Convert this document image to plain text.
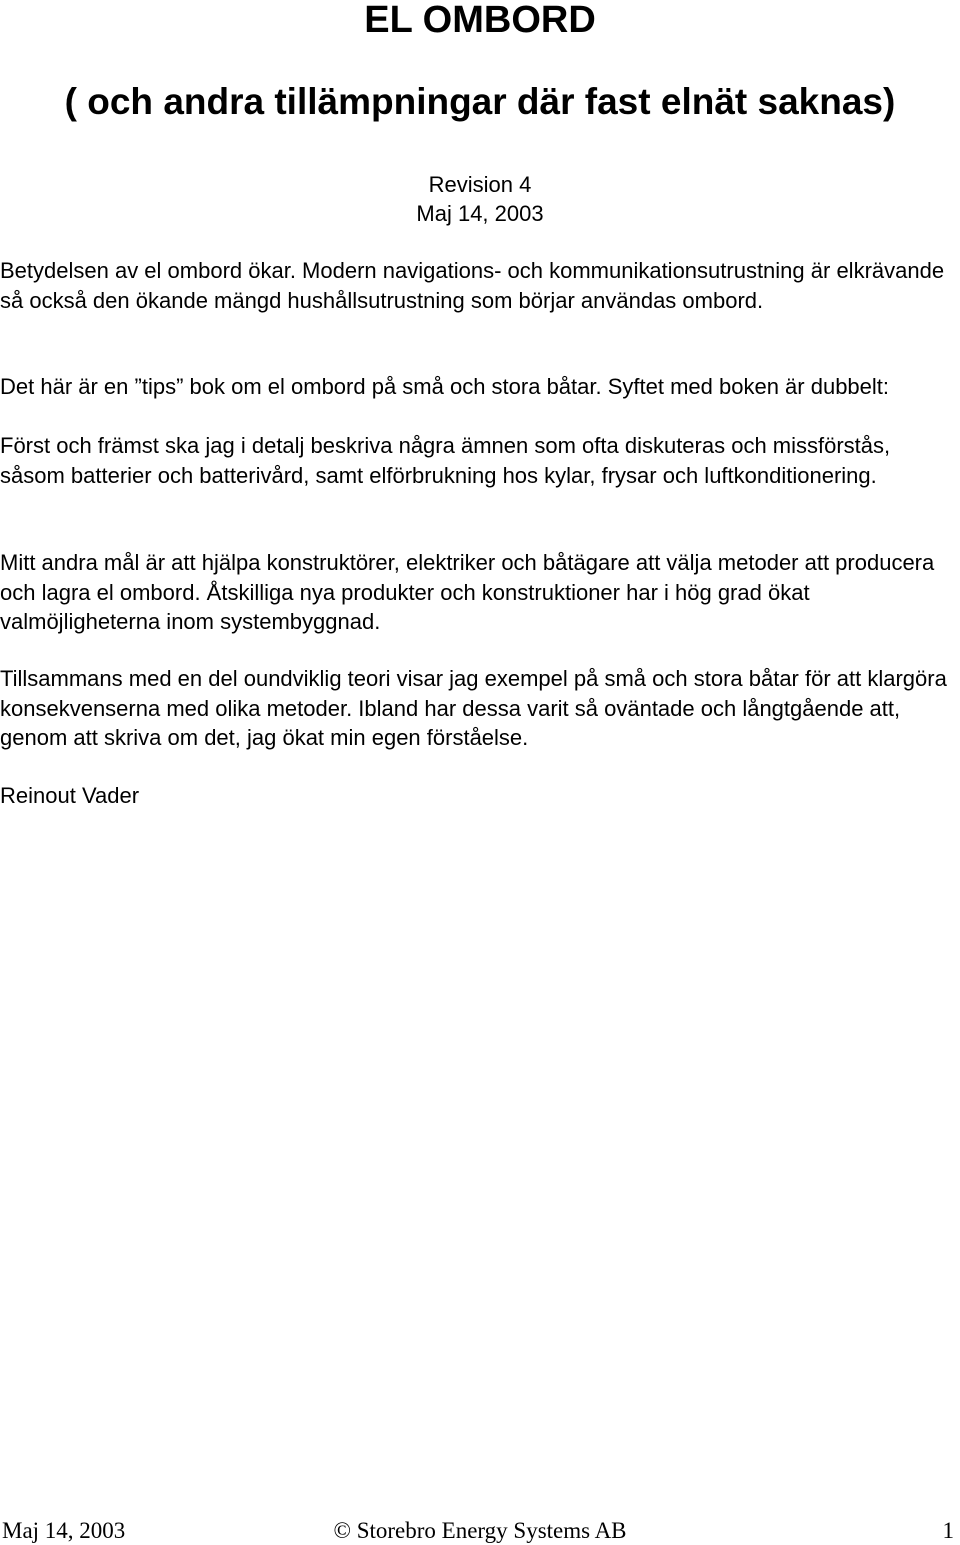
EL OMBORD
( och andra tillämpningar där fast elnät saknas)
Revision 4
Maj 14, 2003

Betydelsen av el ombord ökar. Modern navigations- och kommunikationsutrustning är elkrävande så också den ökande mängd hushållsutrustning som börjar användas ombord.

Det här är en ”tips” bok om el ombord på små och stora båtar. Syftet med boken är dubbelt:

Först och främst ska jag i detalj beskriva några ämnen som ofta diskuteras och missförstås, såsom batterier och batterivård, samt elförbrukning hos kylar, frysar och luftkonditionering.

Mitt andra mål är att hjälpa konstruktörer, elektriker och båtägare att välja metoder att producera och lagra el ombord. Åtskilliga nya produkter och konstruktioner har i hög grad ökat valmöjligheterna inom systembyggnad.

Tillsammans med en del oundviklig teori visar jag exempel på små och stora båtar för att klargöra konsekvenserna med olika metoder. Ibland har dessa varit så oväntade och långtgående att, genom att skriva om det, jag ökat min egen förståelse.

Reinout Vader

Maj 14, 2003	© Storebro Energy Systems AB	1
